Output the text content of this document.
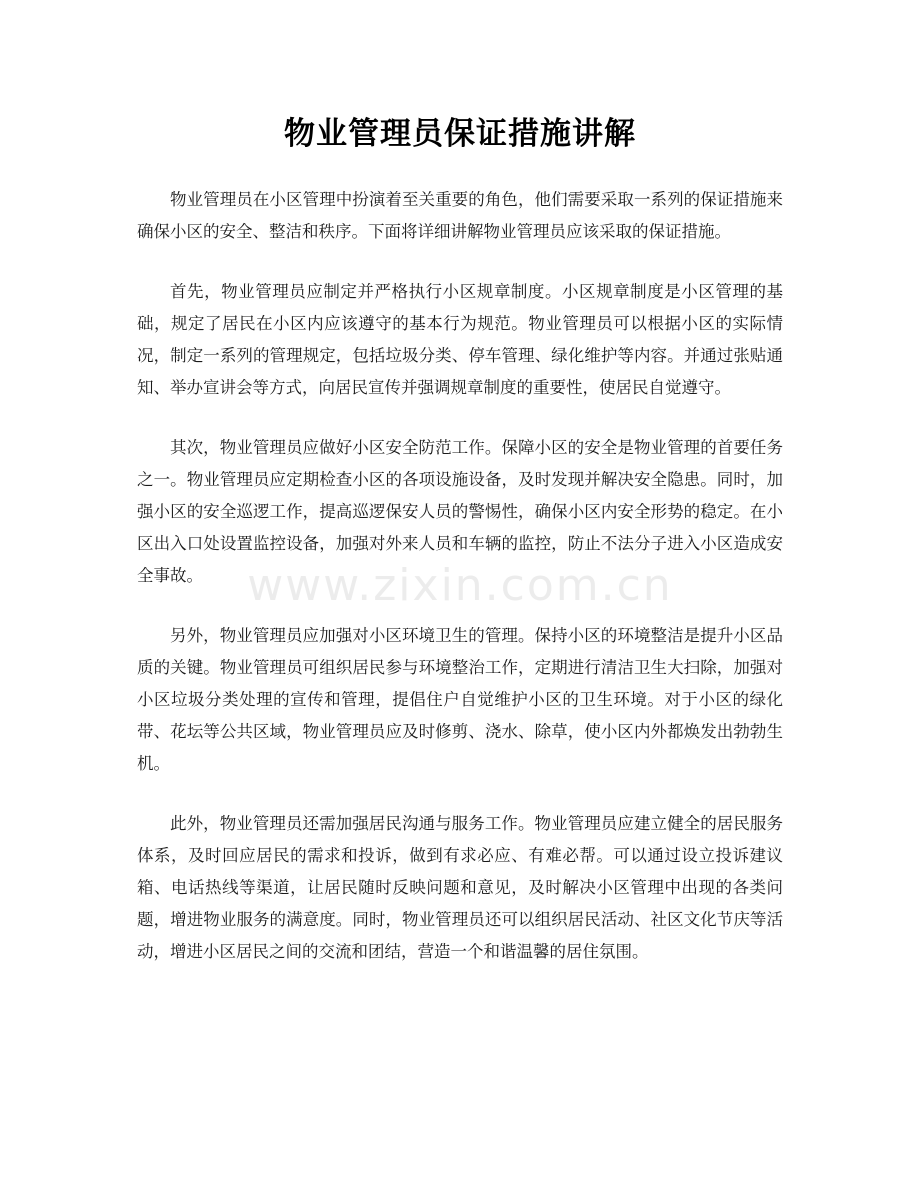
物业管理员保证措施讲解

物业管理员在小区管理中扮演着至关重要的角色，他们需要采取一系列的保证措施来确保小区的安全、整洁和秩序。下面将详细讲解物业管理员应该采取的保证措施。

首先，物业管理员应制定并严格执行小区规章制度。小区规章制度是小区管理的基础，规定了居民在小区内应该遵守的基本行为规范。物业管理员可以根据小区的实际情况，制定一系列的管理规定，包括垃圾分类、停车管理、绿化维护等内容。并通过张贴通知、举办宣讲会等方式，向居民宣传并强调规章制度的重要性，使居民自觉遵守。

其次，物业管理员应做好小区安全防范工作。保障小区的安全是物业管理的首要任务之一。物业管理员应定期检查小区的各项设施设备，及时发现并解决安全隐患。同时，加强小区的安全巡逻工作，提高巡逻保安人员的警惕性，确保小区内安全形势的稳定。在小区出入口处设置监控设备，加强对外来人员和车辆的监控，防止不法分子进入小区造成安全事故。

另外，物业管理员应加强对小区环境卫生的管理。保持小区的环境整洁是提升小区品质的关键。物业管理员可组织居民参与环境整治工作，定期进行清洁卫生大扫除，加强对小区垃圾分类处理的宣传和管理，提倡住户自觉维护小区的卫生环境。对于小区的绿化带、花坛等公共区域，物业管理员应及时修剪、浇水、除草，使小区内外都焕发出勃勃生机。

此外，物业管理员还需加强居民沟通与服务工作。物业管理员应建立健全的居民服务体系，及时回应居民的需求和投诉，做到有求必应、有难必帮。可以通过设立投诉建议箱、电话热线等渠道，让居民随时反映问题和意见，及时解决小区管理中出现的各类问题，增进物业服务的满意度。同时，物业管理员还可以组织居民活动、社区文化节庆等活动，增进小区居民之间的交流和团结，营造一个和谐温馨的居住氛围。

www.zixin.com.cn
